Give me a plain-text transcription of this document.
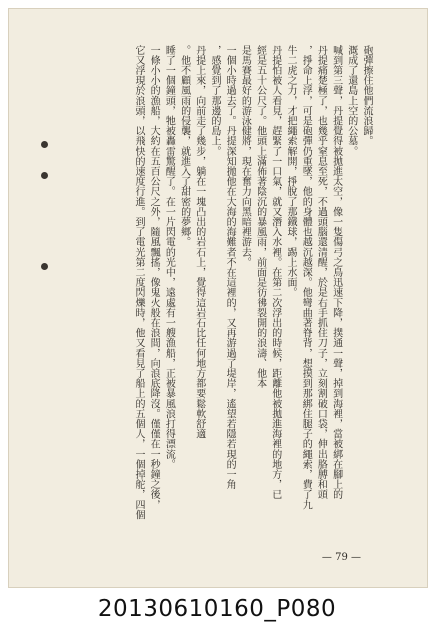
砲彈擦住他們流浪歸。

溉成了還島上空的公墓。

喊到第三聲，丹提覺得被拋進太空，像一隻傷弓之鳥迅速下降，撲通一聲，掉到海裡，當被綁在腳上的

丹提痛楚極了，也幾乎窒息至死，不過頭腦還清醒，於是右手抓住刀子，立刻割破口袋，伸出胳膊和頭

，掙命上浮，可是砲彈仍重墜，他的身體也越沉越深。他彎曲著脊背，想摸到那綁住腿子的繩索，費了九

牛二虎之力，才把繩索解開，掙脫了那鐵球，踢上水面。

丹提怕被人看見，趕緊了一口氣，就又潛入水裡。在第二次浮出的時候，距離他被拋進海裡的地方，已

經是五十公尺了。他頭上滿佈著陰沉的暴風雨，前面是彷彿裂開的浪濤、他本

是馬賽最好的游泳健將，現在奮力向黑暗裡游去。

一個小時過去了。丹提深知拋他在大海的海難者不在這裡的，又再游過了堤岸，遙望若隱若現的一角

，感覺到了那邊的島上。

丹提上來，向前走了幾步，躺在一塊凸出的岩石上，覺得這岩石比任何地方都要鬆軟舒適

。他不顧風雨的侵襲，就進入了甜密的夢鄉。

睡了一個鐘頭，牠被轟雷驚醒了。在一片閃電的光中，遠處有一艘漁船，正被暴風浪打得漂流。

一條小小的漁船，大約在五百公尺之外，隨風飄搖，像鬼火般在浪間，向浪底降沒。僅僅在一秒鐘之後，

它又浮現於浪頭，以飛快的速度行進。到了電光第二度閃爍時，他又看見了船上的五個人，一個掉舵，四個

— 79 —
20130610160_P080
